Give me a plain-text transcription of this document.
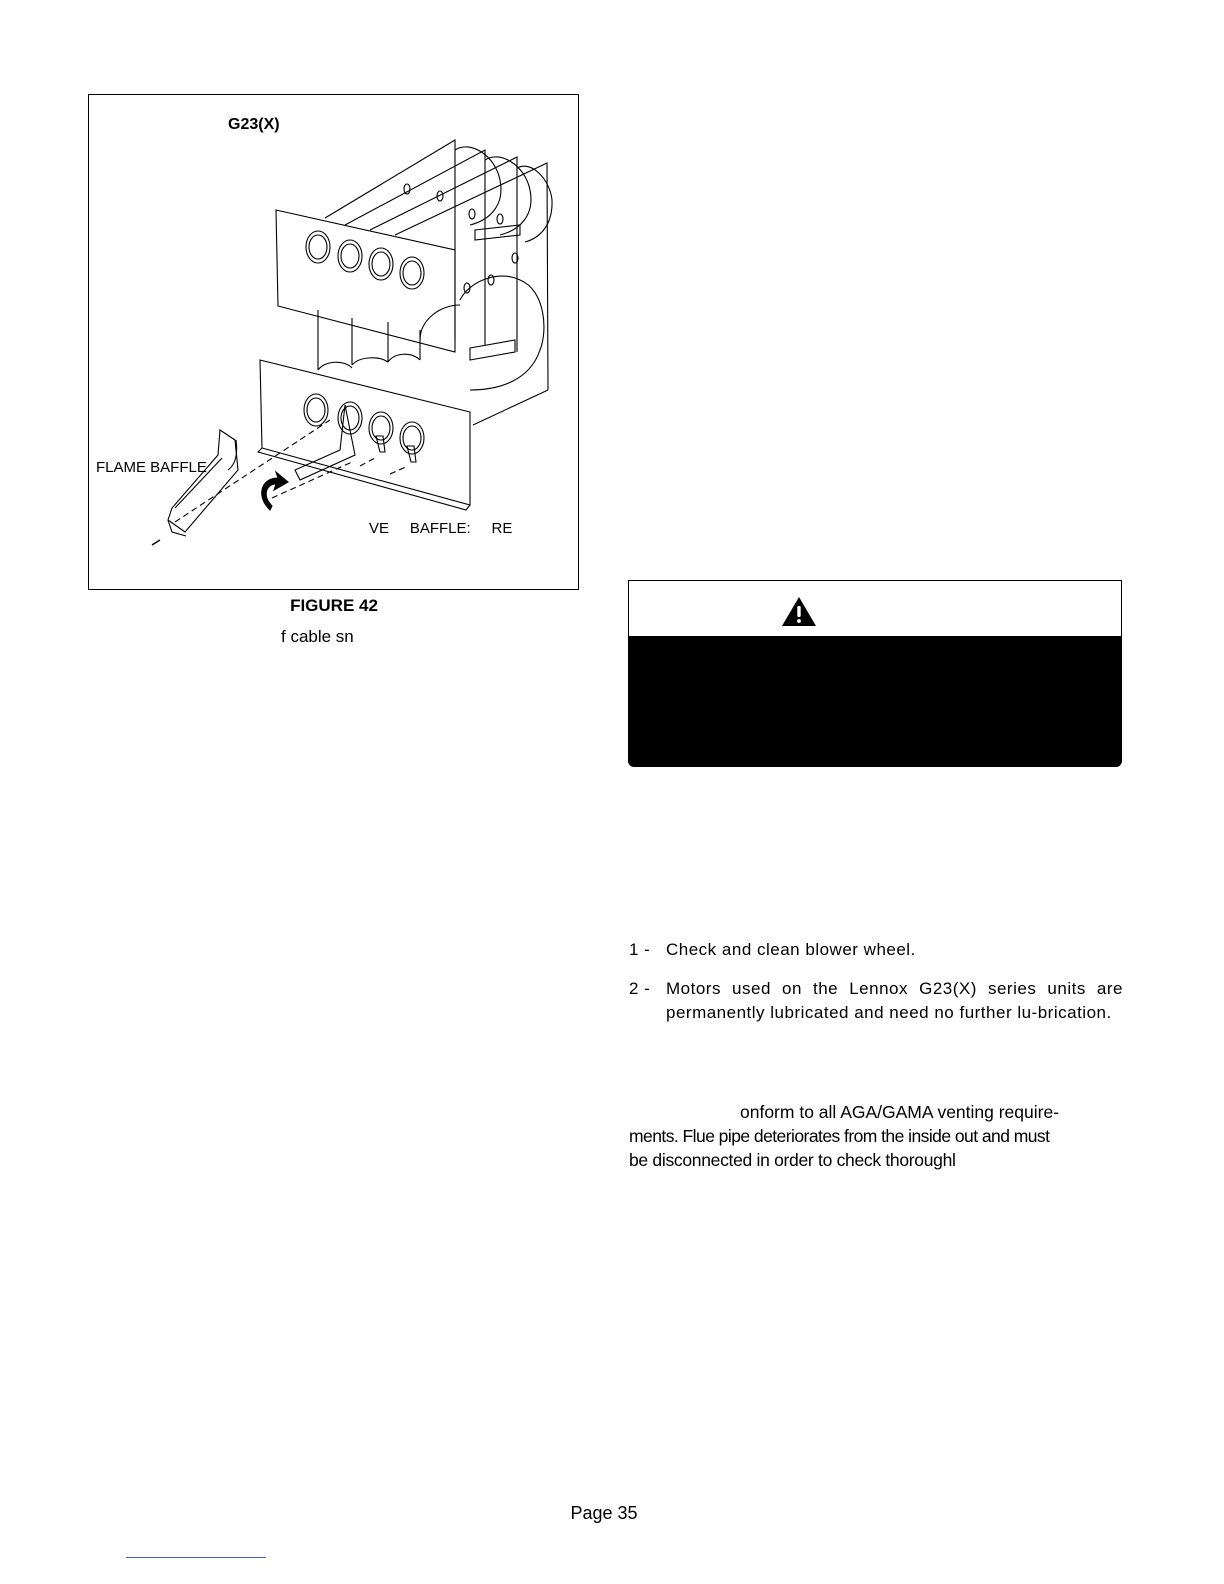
G23(X)
FLAME BAFFLE
VE     BAFFLE:     RE
FIGURE 42
f cable sn
1 - Check and clean blower wheel.
2 - Motors used on the Lennox G23(X) series units are permanently lubricated and need no further lu-brication.
onform to all AGA/GAMA venting require-
ments. Flue pipe deteriorates from the inside out and must
be disconnected in order to check thoroughl
Page 35
